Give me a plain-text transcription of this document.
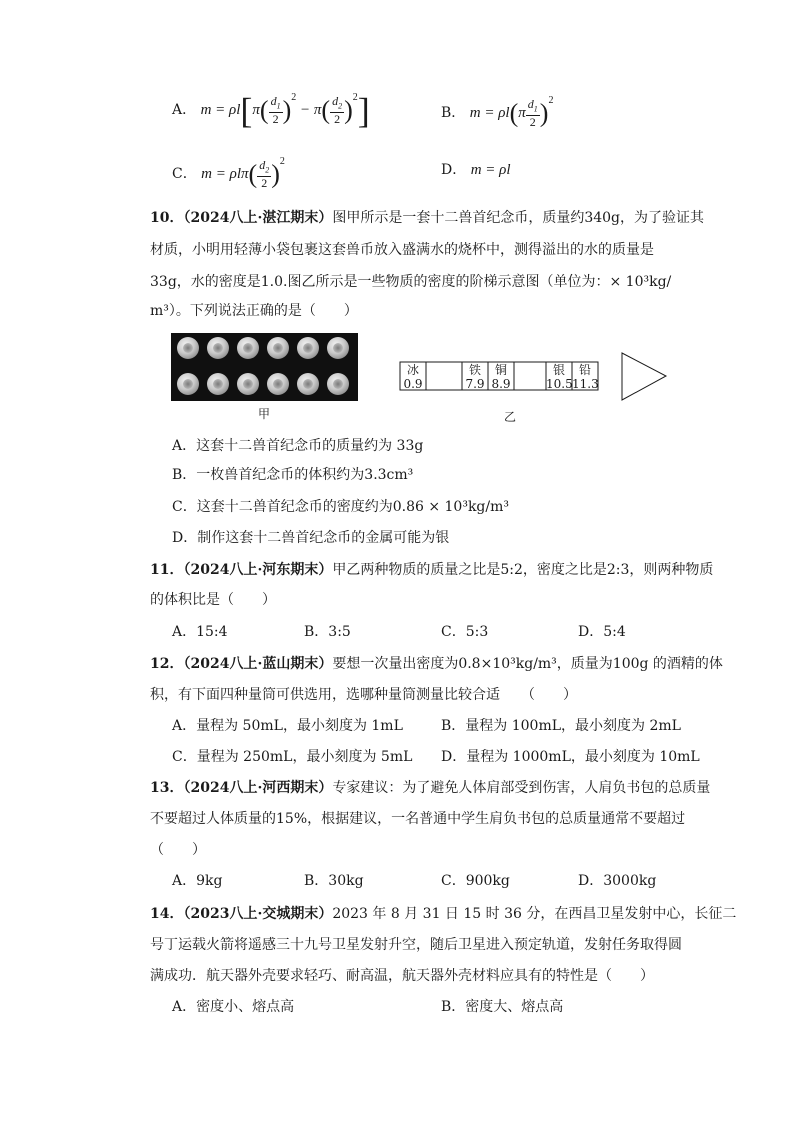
A． $m = \rho l[\pi( \frac{d_1}{2} )^2 - \pi( \frac{d_2}{2} )^2]$	B． $m = \rho l(\pi \frac{d_1}{2} )^2$
C． $m = \rho l\pi( \frac{d_2}{2} )^2$
D． m = ρl
10．（2024八上·湛江期末）图甲所示是一套十二兽首纪念币，质量约340g，为了验证其
材质，小明用轻薄小袋包裹这套兽币放入盛满水的烧杯中，测得溢出的水的质量是
33g，水的密度是1.0.图乙所示是一些物质的密度的阶梯示意图（单位为：× 10³kg/
m³）。下列说法正确的是（　　）
甲
冰
0.9
铁
7.9
铜
8.9
银
10.5
铅
11.3
乙
A．这套十二兽首纪念币的质量约为 33g
B．一枚兽首纪念币的体积约为3.3cm³
C．这套十二兽首纪念币的密度约为0.86 × 10³kg/m³
D．制作这套十二兽首纪念币的金属可能为银
11．（2024八上·河东期末）甲乙两种物质的质量之比是5:2，密度之比是2:3，则两种物质
的体积比是（　　）
A．15:4	B．3:5	C．5:3	D．5:4
12．（2024八上·蓝山期末）要想一次量出密度为0.8×10³kg/m³，质量为100g 的酒精的体
积，有下面四种量筒可供选用，选哪种量筒测量比较合适　　（　　）
A．量程为 50mL，最小刻度为 1mL	B．量程为 100mL，最小刻度为 2mL
C．量程为 250mL，最小刻度为 5mL D．量程为 1000mL，最小刻度为 10mL
13．（2024八上·河西期末）专家建议：为了避免人体肩部受到伤害，人肩负书包的总质量
不要超过人体质量的15%，根据建议，一名普通中学生肩负书包的总质量通常不要超过
（　　）
A．9kg	B．30kg	C．900kg	D．3000kg
14．（2023八上·交城期末）2023 年 8 月 31 日 15 时 36 分，在西昌卫星发射中心，长征二
号丁运载火箭将遥感三十九号卫星发射升空，随后卫星进入预定轨道，发射任务取得圆
满成功．航天器外壳要求轻巧、耐高温，航天器外壳材料应具有的特性是（　　）
A．密度小、熔点高	B．密度大、熔点高
